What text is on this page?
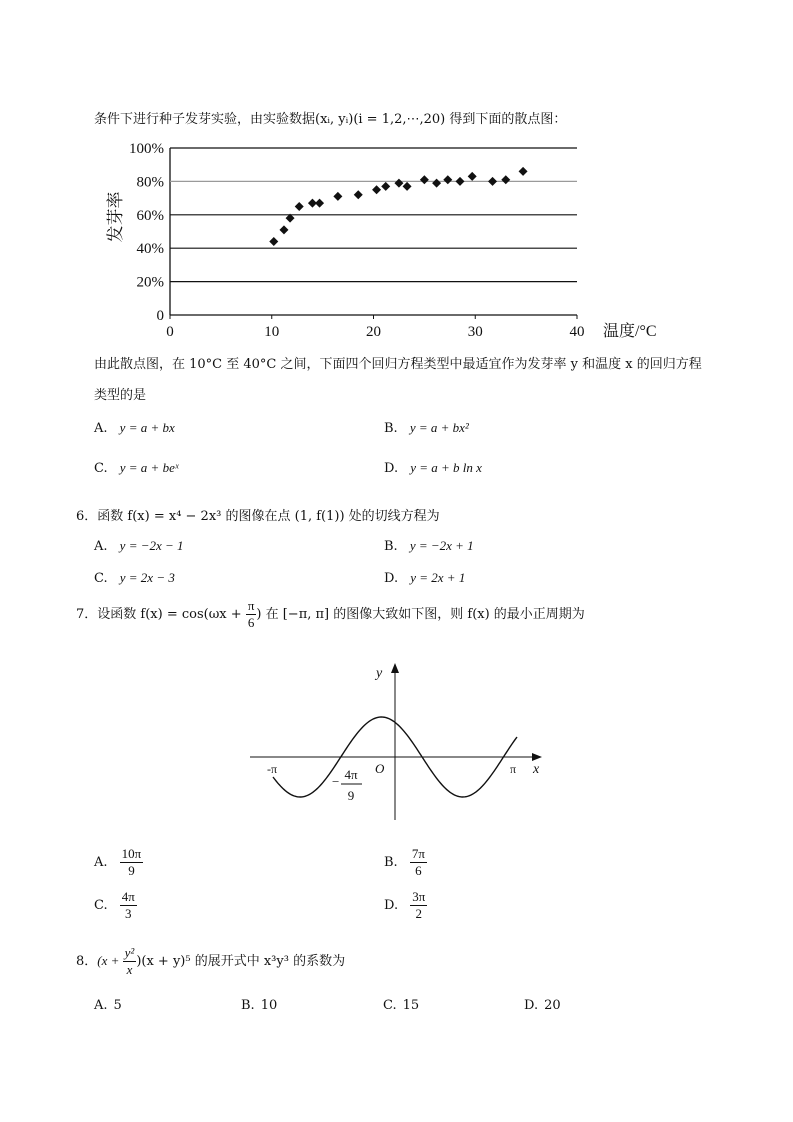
条件下进行种子发芽实验，由实验数据(xᵢ, yᵢ)(i = 1,2,⋯,20) 得到下面的散点图：
0
20%
40%
60%
80%
100%
0	10	20	30	40 温度/°C
发芽率
由此散点图，在 10°C 至 40°C 之间，下面四个回归方程类型中最适宜作为发芽率 y 和温度 x 的回归方程
类型的是
A. y = a + bx	B. y = a + bx²
C. y = a + beˣ	D. y = a + b ln x
6．函数 f(x) = x⁴ − 2x³ 的图像在点 (1, f(1)) 处的切线方程为
A. y = −2x − 1	B. y = −2x + 1
C. y = 2x − 3	D. y = 2x + 1
7．设函数 $f(x) = \cos(\omega x + \frac{\pi}{6}$ ) 在 [−π, π] 的图像大致如下图，则 f(x) 的最小正周期为
y
x
O
-π	π
− 4π
9
A. $\frac{10\pi}{9}$	B. $\frac{7\pi}{6}$
C. $\frac{4\pi}{3}$	D. $\frac{3\pi}{2}$
8．$(x + \frac{\text{y²}}{x} )(x + y)^5$ 的展开式中 x³y³ 的系数为
A. 5	B. 10	C. 15	D. 20
